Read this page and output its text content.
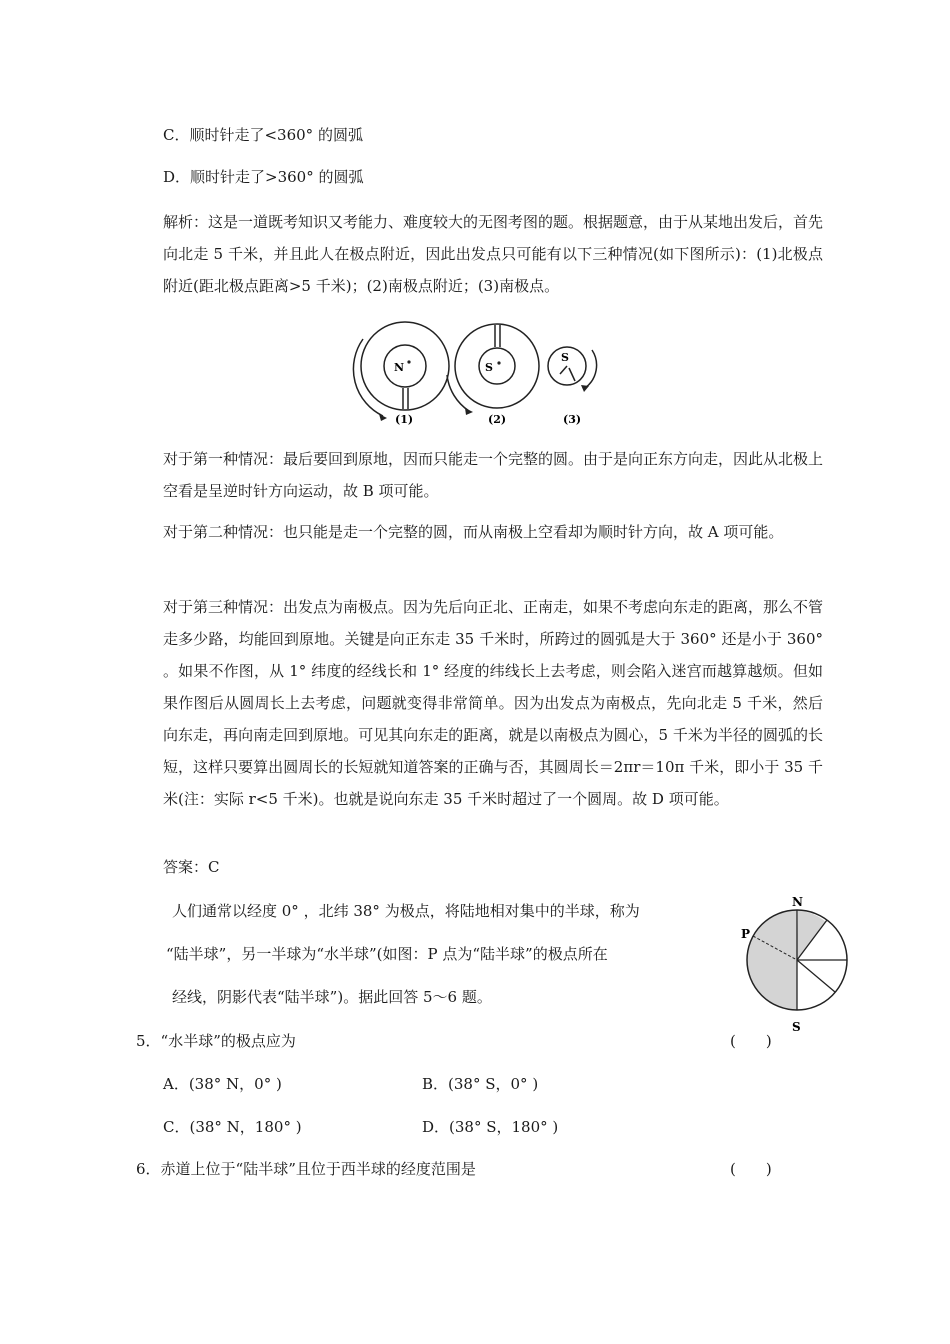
C．顺时针走了<360° 的圆弧
D．顺时针走了>360° 的圆弧
解析：这是一道既考知识又考能力、难度较大的无图考图的题。根据题意，由于从某地出发后，首先向北走 5 千米，并且此人在极点附近，因此出发点只可能有以下三种情况(如下图所示)：(1)北极点附近(距北极点距离>5 千米)；(2)南极点附近；(3)南极点。
N	S
S
(1)	(2)	(3)
对于第一种情况：最后要回到原地，因而只能走一个完整的圆。由于是向正东方向走，因此从北极上空看是呈逆时针方向运动，故 B 项可能。
对于第二种情况：也只能是走一个完整的圆，而从南极上空看却为顺时针方向，故 A 项可能。
对于第三种情况：出发点为南极点。因为先后向正北、正南走，如果不考虑向东走的距离，那么不管走多少路，均能回到原地。关键是向正东走 35 千米时，所跨过的圆弧是大于 360° 还是小于 360° 。如果不作图，从 1° 纬度的经线长和 1° 经度的纬线长上去考虑，则会陷入迷宫而越算越烦。但如果作图后从圆周长上去考虑，问题就变得非常简单。因为出发点为南极点，先向北走 5 千米，然后向东走，再向南走回到原地。可见其向东走的距离，就是以南极点为圆心，5 千米为半径的圆弧的长短，这样只要算出圆周长的长短就知道答案的正确与否，其圆周长＝2πr＝10π 千米，即小于 35 千米(注：实际 r<5 千米)。也就是说向东走 35 千米时超过了一个圆周。故 D 项可能。
答案：C
人们通常以经度 0° ，北纬 38° 为极点，将陆地相对集中的半球，称为
“陆半球”，另一半球为“水半球”(如图：P 点为“陆半球”的极点所在
经线，阴影代表“陆半球”)。据此回答 5～6 题。
N
S
P
5．“水半球”的极点应为	(　　)
A．(38° N，0° )	B．(38° S，0° )
C．(38° N，180° )	D．(38° S，180° )
6．赤道上位于“陆半球”且位于西半球的经度范围是	(　　)
